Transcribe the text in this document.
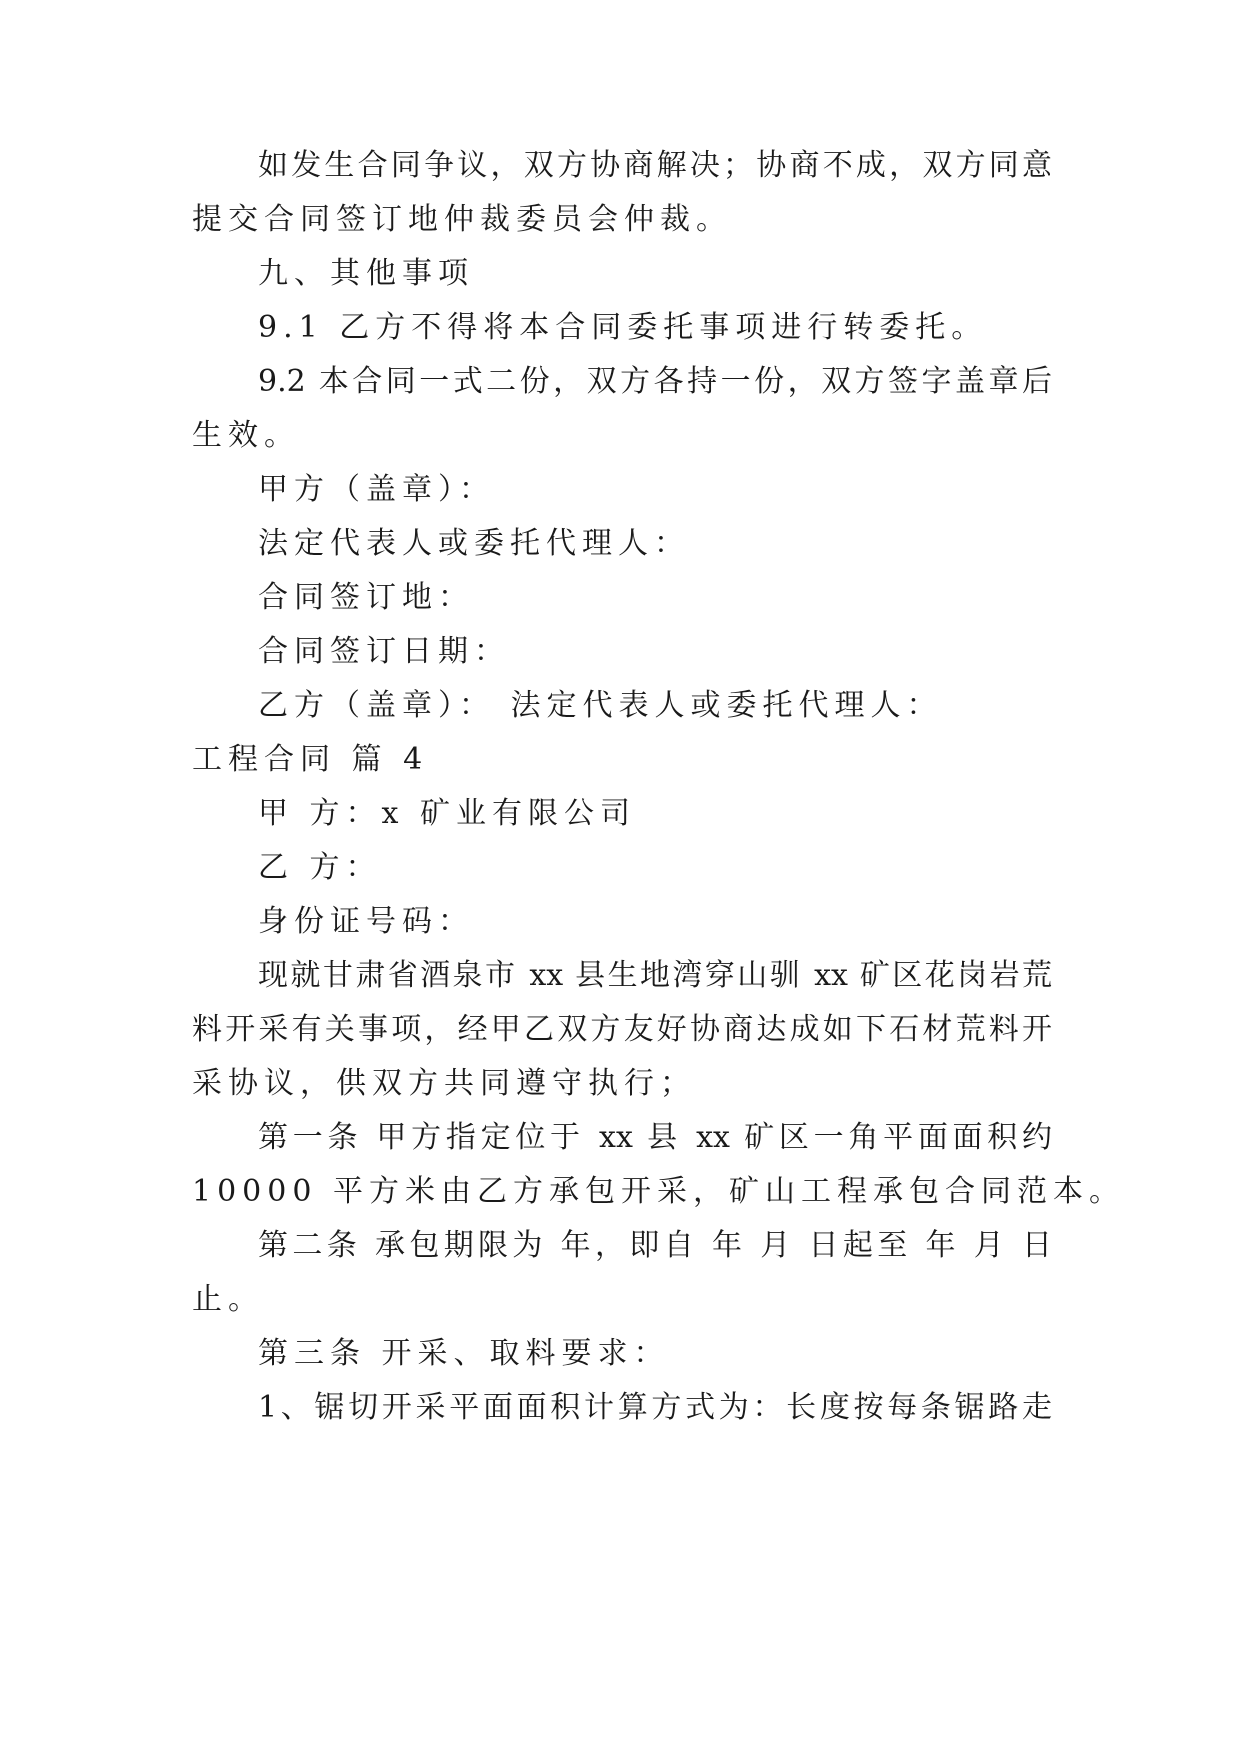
如发生合同争议，双方协商解决；协商不成，双方同意
提交合同签订地仲裁委员会仲裁。
九、其他事项
9.1 乙方不得将本合同委托事项进行转委托。
9.2 本合同一式二份，双方各持一份，双方签字盖章后
生效。
甲方（盖章）：
法定代表人或委托代理人：
合同签订地：
合同签订日期：
乙方（盖章）： 法定代表人或委托代理人：
工程合同 篇 4
甲 方：x 矿业有限公司
乙 方：
身份证号码：
现就甘肃省酒泉市 xx 县生地湾穿山驯 xx 矿区花岗岩荒
料开采有关事项，经甲乙双方友好协商达成如下石材荒料开
采协议，供双方共同遵守执行；
第一条 甲方指定位于 xx 县 xx 矿区一角平面面积约
10000 平方米由乙方承包开采，矿山工程承包合同范本。
第二条 承包期限为 年，即自 年 月 日起至 年 月 日
止。
第三条 开采、取料要求：
1、锯切开采平面面积计算方式为：长度按每条锯路走
